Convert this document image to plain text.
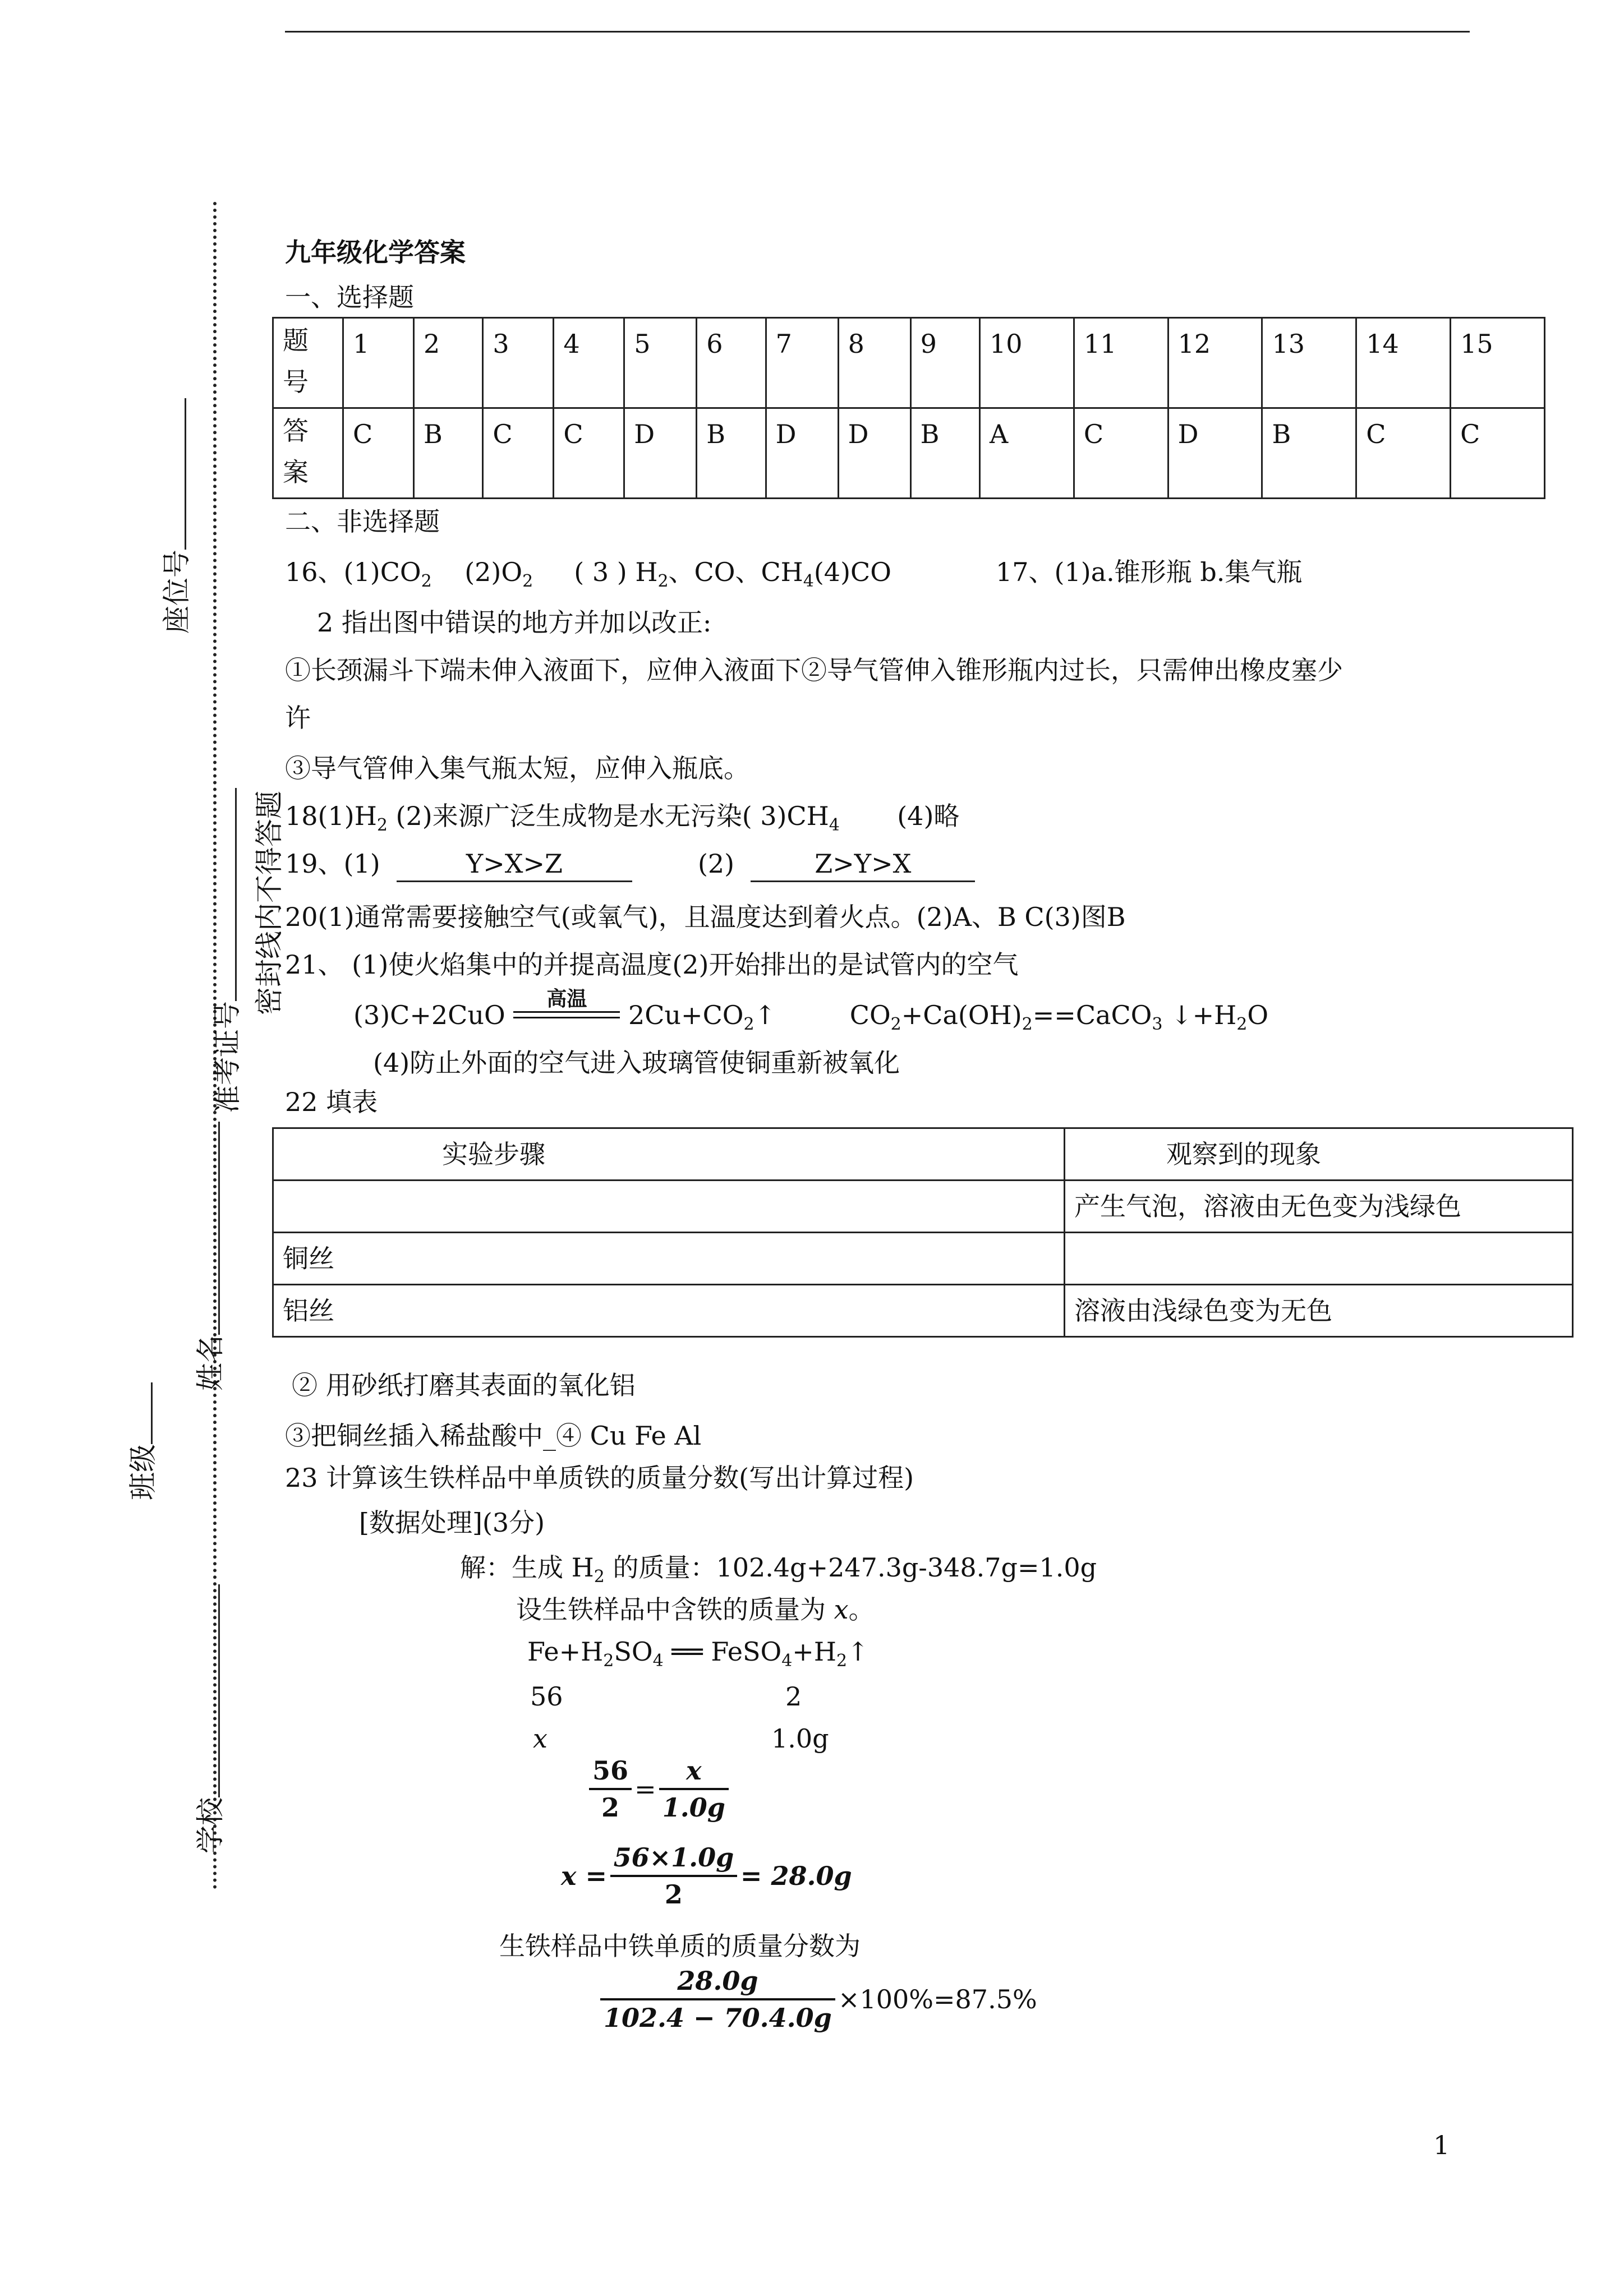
密封线内不得答题
座位号
准考证号
姓名
班级
学校
九年级化学答案
一、选择题
题号	1	2	3	4	5	6	7	8	9	10	11	12	13	14	15

答案	C	B	C	C	D	B	D	D	B	A	C	D	B	C	C
二、非选择题
16、$(1)CO_2$ $(2)O_2$ ( 3 ) $H_2$、CO、$CH_4(4)CO$	17、(1)a.锥形瓶 b.集气瓶
2 指出图中错误的地方并加以改正:
①长颈漏斗下端未伸入液面下，应伸入液面下②导气管伸入锥形瓶内过长，只需伸出橡皮塞少
许
③导气管伸入集气瓶太短，应伸入瓶底。
$18(1)H_2$ (2)来源广泛生成物是水无污染( $3)CH_4$ (4)略
19、(1)	Y>X>Z	(2)	Z>Y>X
20(1)通常需要接触空气(或氧气)，且温度达到着火点。(2)A、B C(3)图B
21、 (1)使火焰集中的并提高温度(2)开始排出的是试管内的空气
(3)C+2CuO
高温
$2Cu+CO_2↑$	$CO_2+Ca(OH)_2==CaCO_3$ $↓+H_2O$
(4)防止外面的空气进入玻璃管使铜重新被氧化
22 填表
实验步骤	观察到的现象
	产生气泡，溶液由无色变为浅绿色
铜丝	
铝丝	溶液由浅绿色变为无色
② 用砂纸打磨其表面的氧化铝
③把铜丝插入稀盐酸中_④ Cu Fe Al
23 计算该生铁样品中单质铁的质量分数(写出计算过程)
[数据处理](3分)
解：生成 $H_2$ 的质量：102.4g+247.3g-348.7g=1.0g
设生铁样品中含铁的质量为 x。
$Fe+H_2SO_4$ ══ $FeSO_4+H_2↑$
56	2
x	1.0g
$\frac{56}{2} = \frac{x}{1.0g}$
$x = \frac{56\times 1.0g}{2} = 28.0g$
生铁样品中铁单质的质量分数为
$\frac{28.0g}{102.4 - 70.4.0g} \times 100\%=87.5\%$
1
